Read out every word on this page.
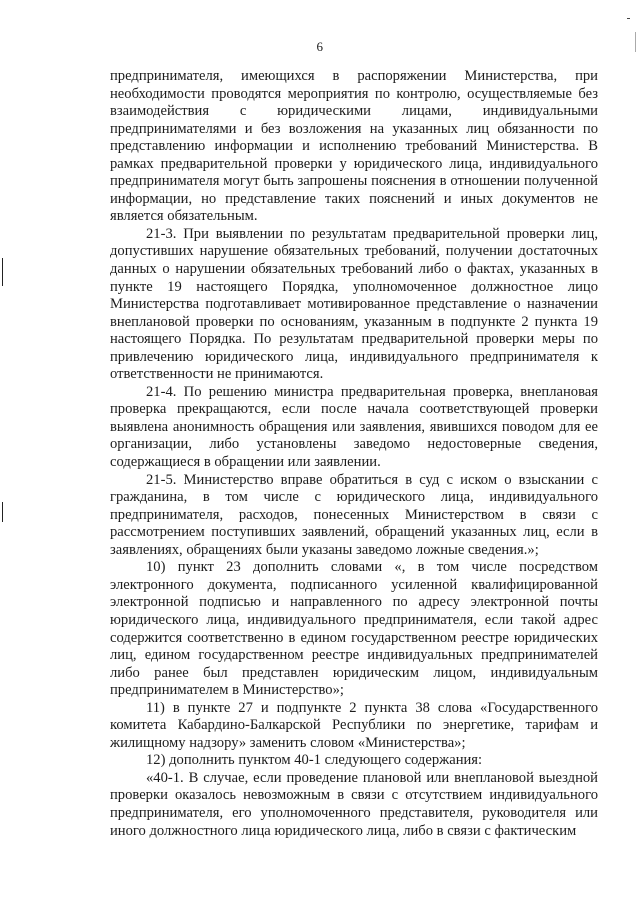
6

предпринимателя, имеющихся в распоряжении Министерства, при необходимости проводятся мероприятия по контролю, осуществляемые без взаимодействия с юридическими лицами, индивидуальными предпринимателями и без возложения на указанных лиц обязанности по представлению информации и исполнению требований Министерства. В рамках предварительной проверки у юридического лица, индивидуального предпринимателя могут быть запрошены пояснения в отношении полученной информации, но представление таких пояснений и иных документов не является обязательным.

21-3. При выявлении по результатам предварительной проверки лиц, допустивших нарушение обязательных требований, получении достаточных данных о нарушении обязательных требований либо о фактах, указанных в пункте 19 настоящего Порядка, уполномоченное должностное лицо Министерства подготавливает мотивированное представление о назначении внеплановой проверки по основаниям, указанным в подпункте 2 пункта 19 настоящего Порядка. По результатам предварительной проверки меры по привлечению юридического лица, индивидуального предпринимателя к ответственности не принимаются.

21-4. По решению министра предварительная проверка, внеплановая проверка прекращаются, если после начала соответствующей проверки выявлена анонимность обращения или заявления, явившихся поводом для ее организации, либо установлены заведомо недостоверные сведения, содержащиеся в обращении или заявлении.

21-5. Министерство вправе обратиться в суд с иском о взыскании с гражданина, в том числе с юридического лица, индивидуального предпринимателя, расходов, понесенных Министерством в связи с рассмотрением поступивших заявлений, обращений указанных лиц, если в заявлениях, обращениях были указаны заведомо ложные сведения.»;

10) пункт 23 дополнить словами «, в том числе посредством электронного документа, подписанного усиленной квалифицированной электронной подписью и направленного по адресу электронной почты юридического лица, индивидуального предпринимателя, если такой адрес содержится соответственно в едином государственном реестре юридических лиц, едином государственном реестре индивидуальных предпринимателей либо ранее был представлен юридическим лицом, индивидуальным предпринимателем в Министерство»;

11) в пункте 27 и подпункте 2 пункта 38 слова «Государственного комитета Кабардино-Балкарской Республики по энергетике, тарифам и жилищному надзору» заменить словом «Министерства»;

12) дополнить пунктом 40-1 следующего содержания:

«40-1. В случае, если проведение плановой или внеплановой выездной проверки оказалось невозможным в связи с отсутствием индивидуального предпринимателя, его уполномоченного представителя, руководителя или иного должностного лица юридического лица, либо в связи с фактическим
